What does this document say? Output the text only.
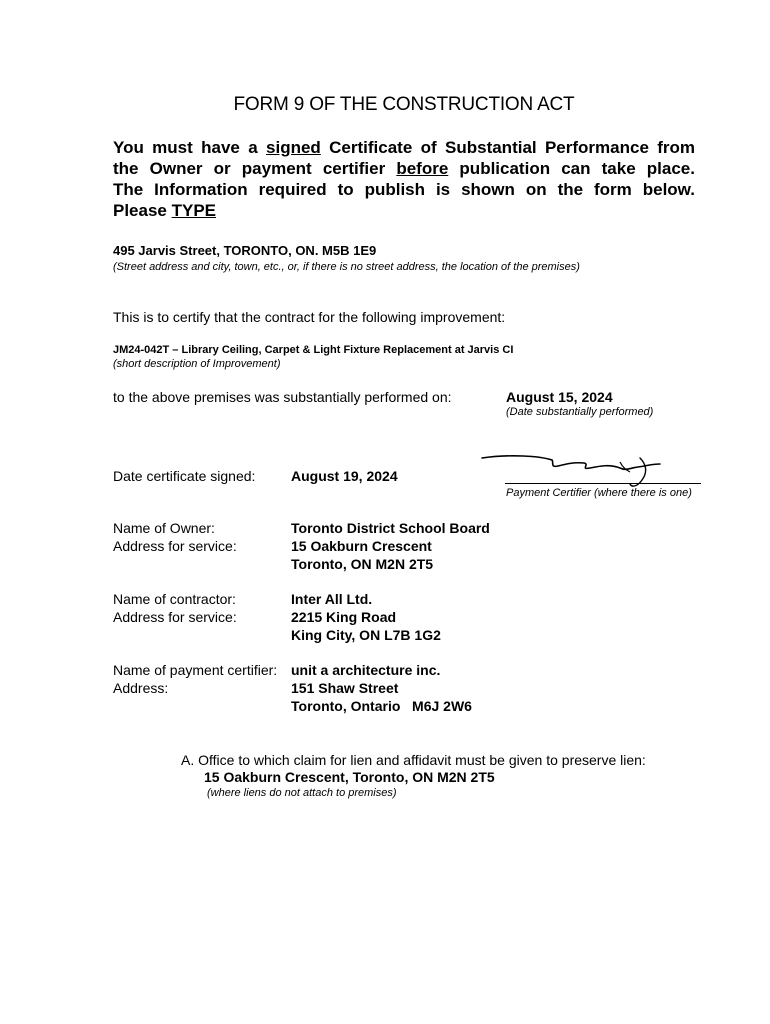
FORM 9 OF THE CONSTRUCTION ACT
You must have a signed Certificate of Substantial Performance from
the Owner or payment certifier before publication can take place.
The Information required to publish is shown on the form below.
Please TYPE
495 Jarvis Street, TORONTO, ON. M5B 1E9
(Street address and city, town, etc., or, if there is no street address, the location of the premises)
This is to certify that the contract for the following improvement:
JM24-042T – Library Ceiling, Carpet & Light Fixture Replacement at Jarvis CI
(short description of Improvement)
to the above premises was substantially performed on:	August 15, 2024
(Date substantially performed)
Date certificate signed:	August 19, 2024
Payment Certifier (where there is one)
Name of Owner:
Address for service:
Toronto District School Board
15 Oakburn Crescent
Toronto, ON M2N 2T5
Name of contractor:
Address for service:
Inter All Ltd.
2215 King Road
King City, ON L7B 1G2
Name of payment certifier:
Address:
unit a architecture inc.
151 Shaw Street
Toronto, Ontario   M6J 2W6
A. Office to which claim for lien and affidavit must be given to preserve lien:
15 Oakburn Crescent, Toronto, ON M2N 2T5
(where liens do not attach to premises)
